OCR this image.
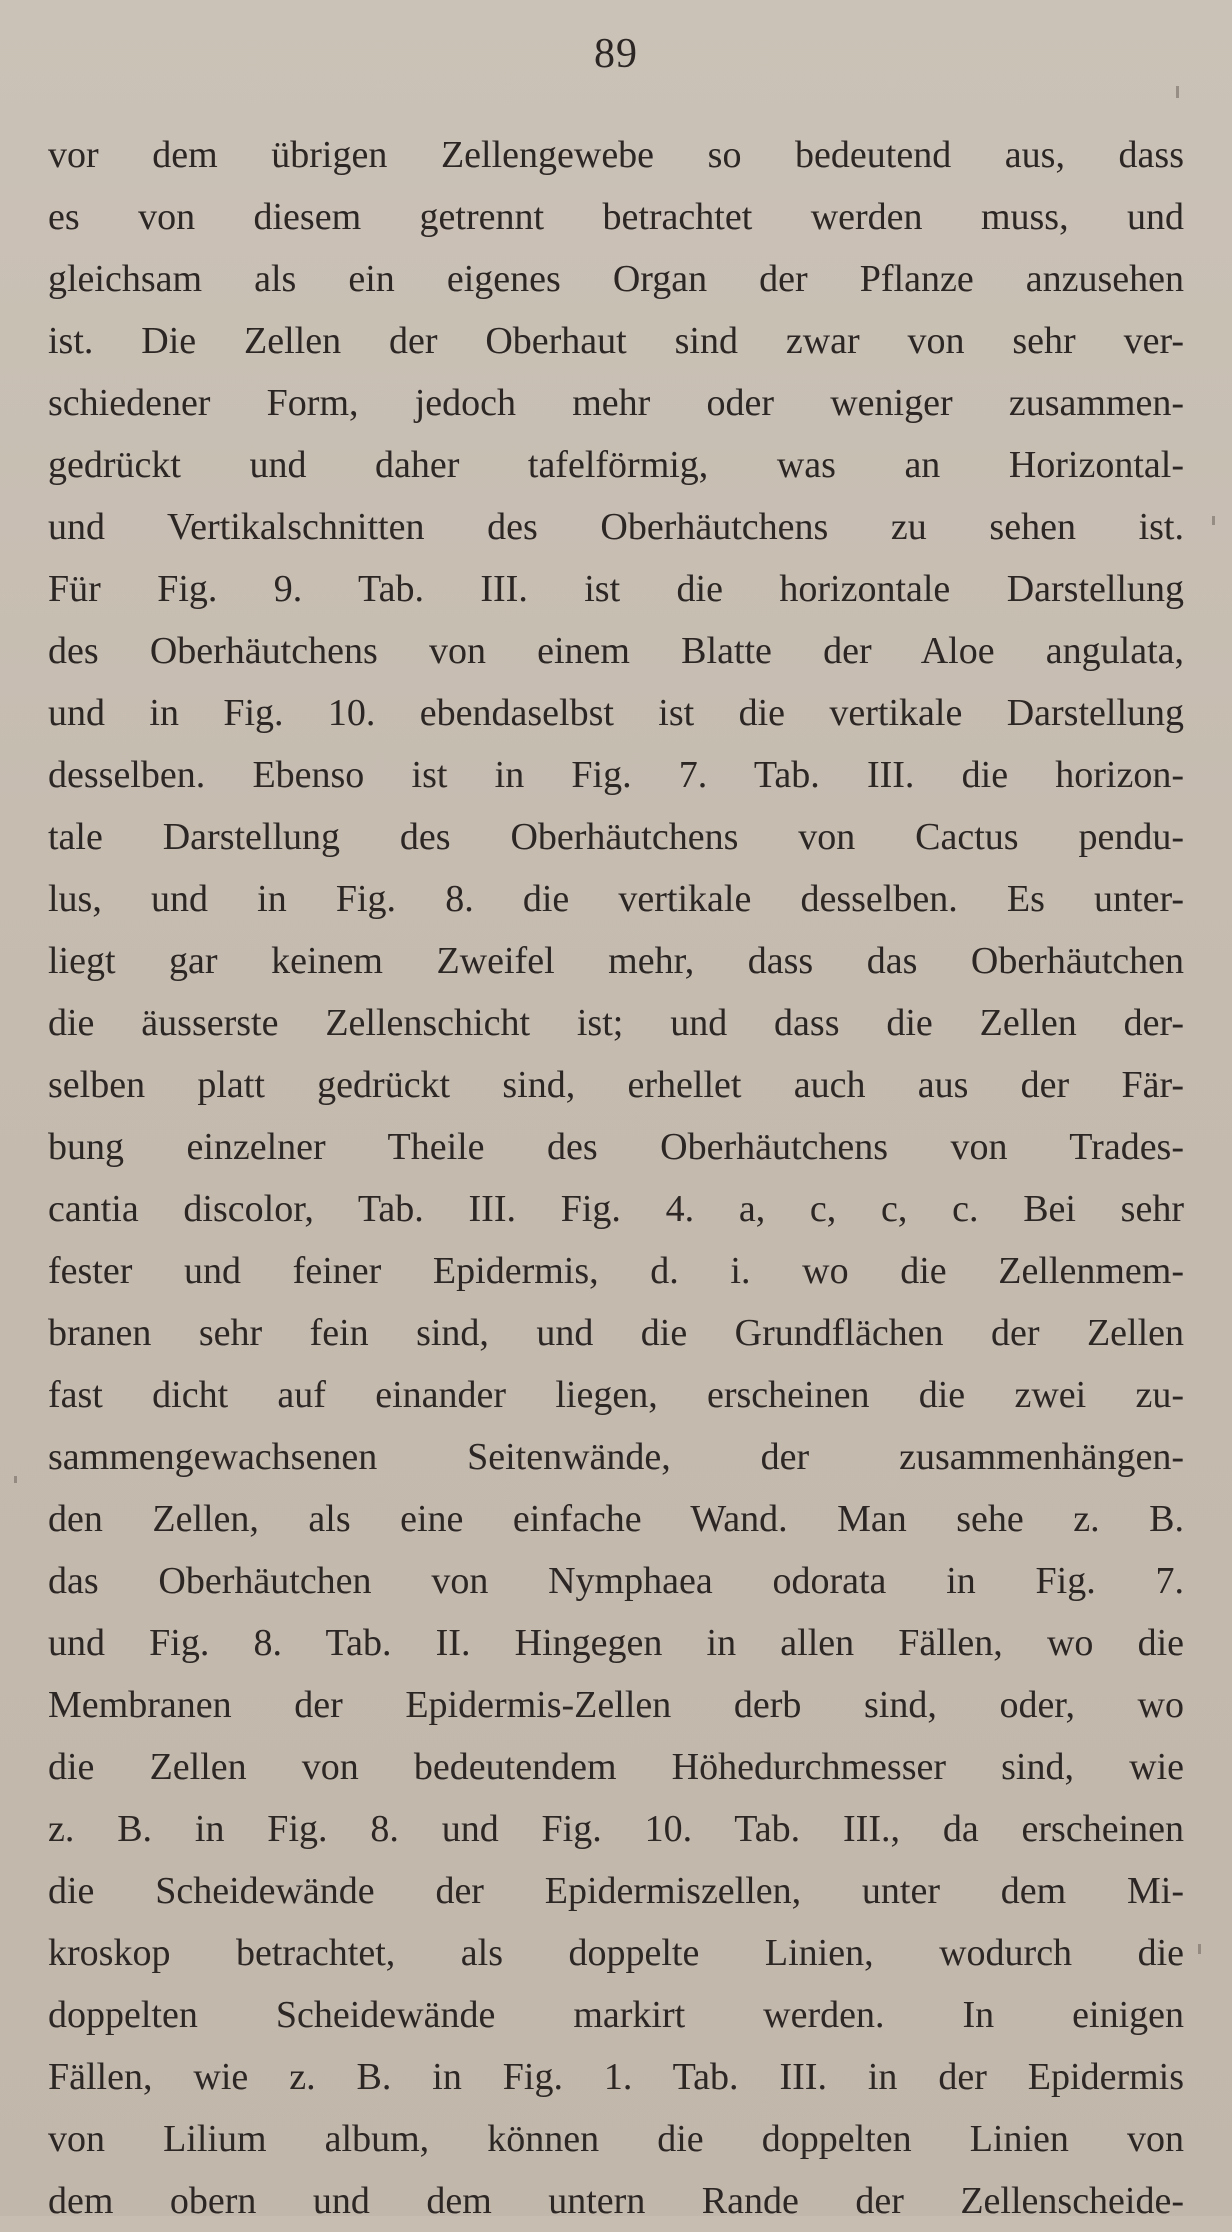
89
vor dem übrigen Zellengewebe so bedeutend aus, dass
es von diesem getrennt betrachtet werden muss, und
gleichsam als ein eigenes Organ der Pflanze anzusehen
ist. Die Zellen der Oberhaut sind zwar von sehr ver-
schiedener Form, jedoch mehr oder weniger zusammen-
gedrückt und daher tafelförmig, was an Horizontal-
und Vertikalschnitten des Oberhäutchens zu sehen ist.
Für Fig. 9. Tab. III. ist die horizontale Darstellung
des Oberhäutchens von einem Blatte der Aloe angulata,
und in Fig. 10. ebendaselbst ist die vertikale Darstellung
desselben. Ebenso ist in Fig. 7. Tab. III. die horizon-
tale Darstellung des Oberhäutchens von Cactus pendu-
lus, und in Fig. 8. die vertikale desselben. Es unter-
liegt gar keinem Zweifel mehr, dass das Oberhäutchen
die äusserste Zellenschicht ist; und dass die Zellen der-
selben platt gedrückt sind, erhellet auch aus der Fär-
bung einzelner Theile des Oberhäutchens von Trades-
cantia discolor, Tab. III. Fig. 4. a, c, c, c. Bei sehr
fester und feiner Epidermis, d. i. wo die Zellenmem-
branen sehr fein sind, und die Grundflächen der Zellen
fast dicht auf einander liegen, erscheinen die zwei zu-
sammengewachsenen Seitenwände, der zusammenhängen-
den Zellen, als eine einfache Wand. Man sehe z. B.
das Oberhäutchen von Nymphaea odorata in Fig. 7.
und Fig. 8. Tab. II. Hingegen in allen Fällen, wo die
Membranen der Epidermis-Zellen derb sind, oder, wo
die Zellen von bedeutendem Höhedurchmesser sind, wie
z. B. in Fig. 8. und Fig. 10. Tab. III., da erscheinen
die Scheidewände der Epidermiszellen, unter dem Mi-
kroskop betrachtet, als doppelte Linien, wodurch die
doppelten Scheidewände markirt werden. In einigen
Fällen, wie z. B. in Fig. 1. Tab. III. in der Epidermis
von Lilium album, können die doppelten Linien von
dem obern und dem untern Rande der Zellenscheide-
